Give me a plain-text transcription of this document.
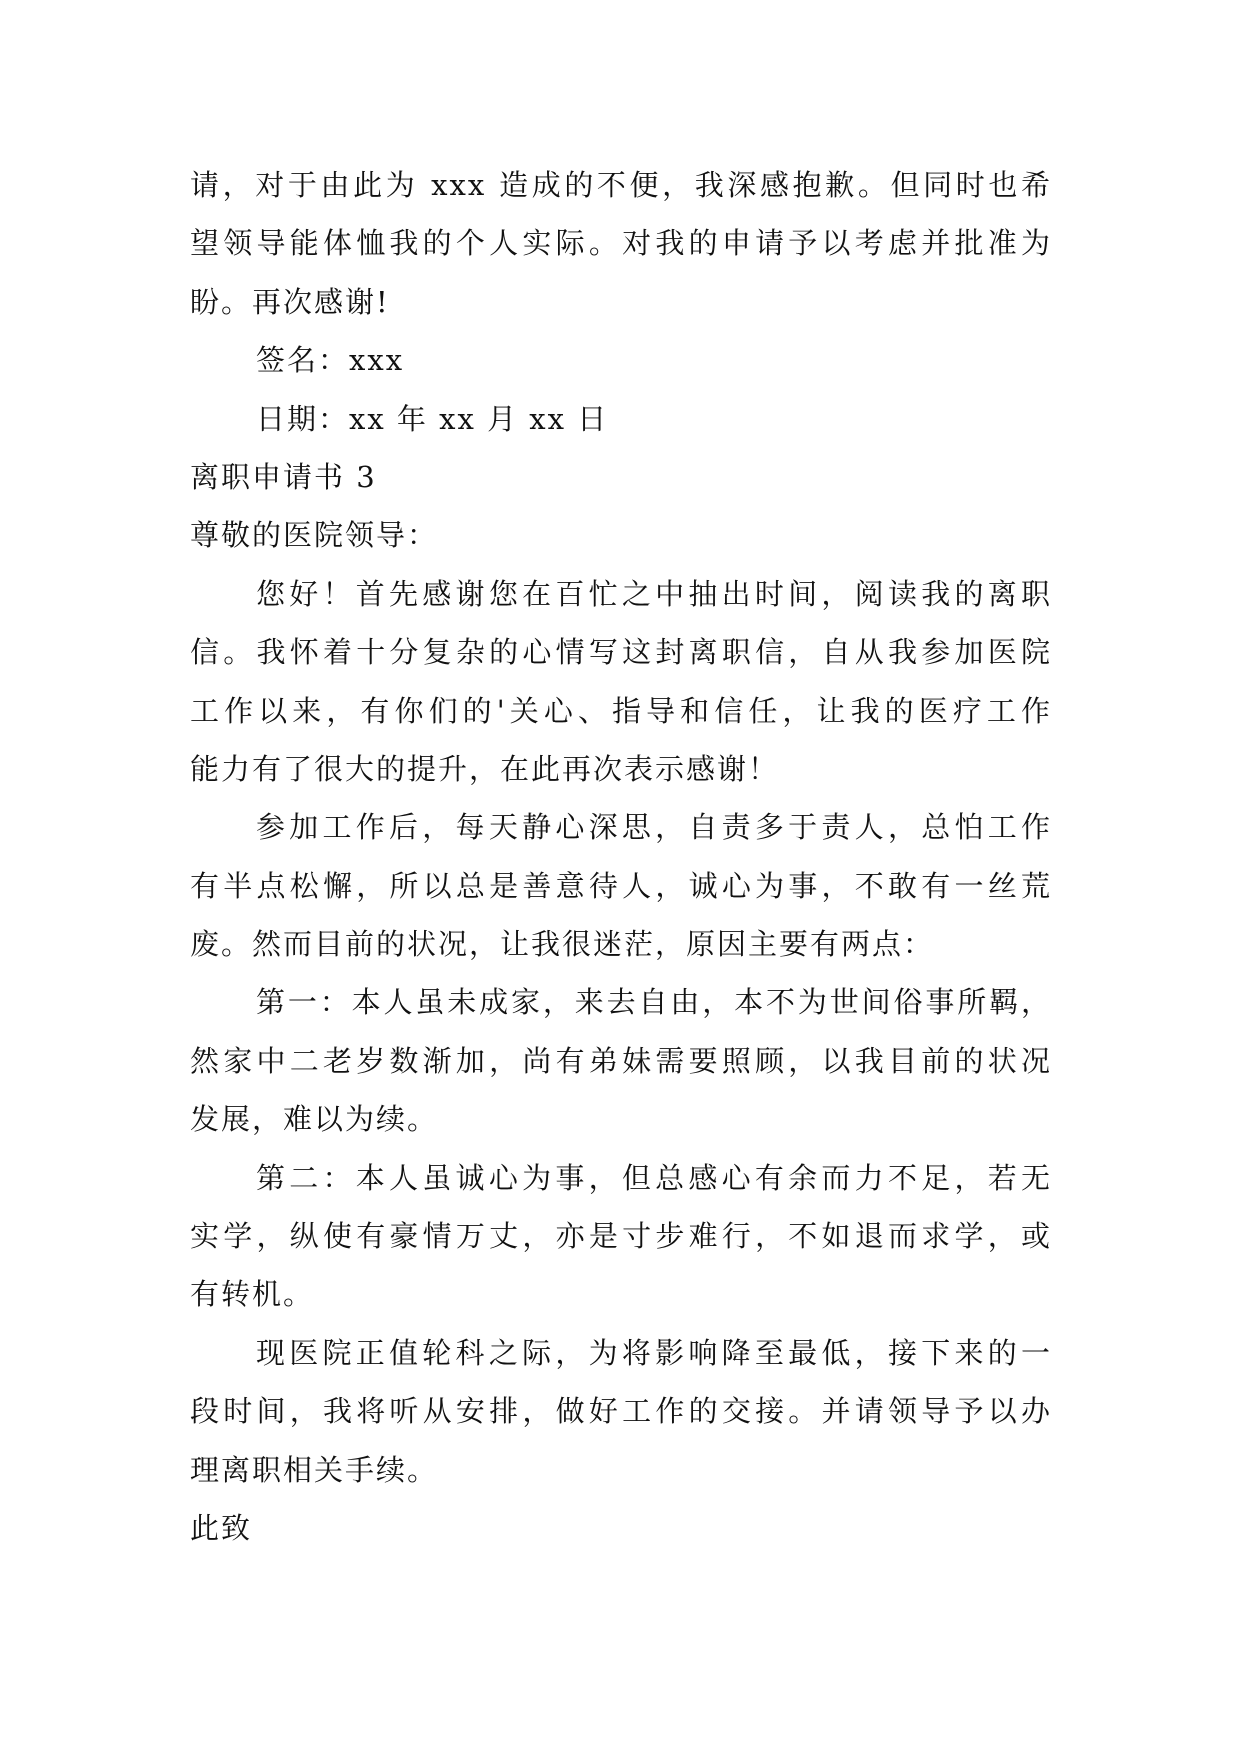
请，对于由此为 xxx 造成的不便，我深感抱歉。但同时也希
望领导能体恤我的个人实际。对我的申请予以考虑并批准为
盼。再次感谢!
签名：xxx
日期：xx 年 xx 月 xx 日
离职申请书 3
尊敬的医院领导：
您好！首先感谢您在百忙之中抽出时间，阅读我的离职
信。我怀着十分复杂的心情写这封离职信，自从我参加医院
工作以来，有你们的'关心、指导和信任，让我的医疗工作
能力有了很大的提升，在此再次表示感谢！
参加工作后，每天静心深思，自责多于责人，总怕工作
有半点松懈，所以总是善意待人，诚心为事，不敢有一丝荒
废。然而目前的状况，让我很迷茫，原因主要有两点：
第一：本人虽未成家，来去自由，本不为世间俗事所羁，
然家中二老岁数渐加，尚有弟妹需要照顾，以我目前的状况
发展，难以为续。
第二：本人虽诚心为事，但总感心有余而力不足，若无
实学，纵使有豪情万丈，亦是寸步难行，不如退而求学，或
有转机。
现医院正值轮科之际，为将影响降至最低，接下来的一
段时间，我将听从安排，做好工作的交接。并请领导予以办
理离职相关手续。
此致
